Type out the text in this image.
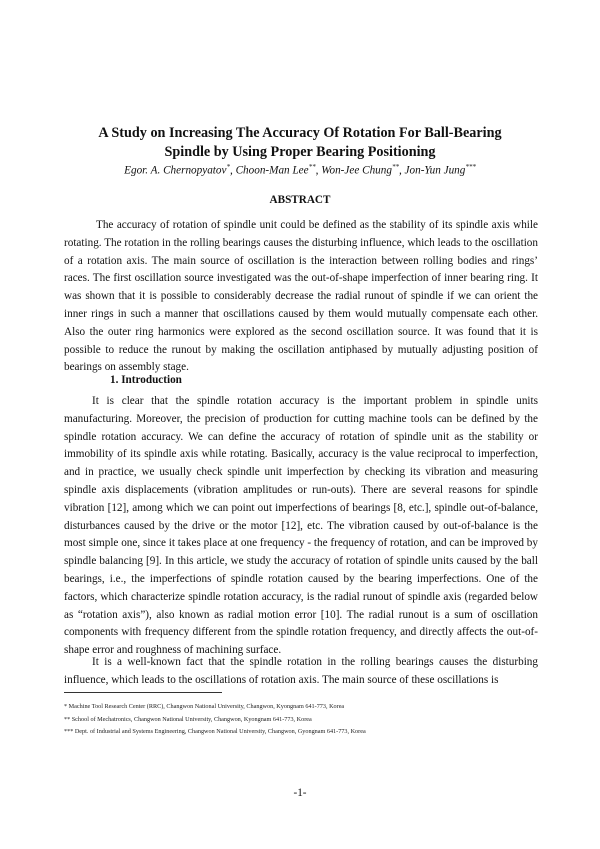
A Study on Increasing The Accuracy Of Rotation For Ball-Bearing
Spindle by Using Proper Bearing Positioning
Egor. A. Chernopyatov*, Choon-Man Lee**, Won-Jee Chung**, Jon-Yun Jung***
ABSTRACT

The accuracy of rotation of spindle unit could be defined as the stability of its spindle axis while rotating. The rotation in the rolling bearings causes the disturbing influence, which leads to the oscillation of a rotation axis. The main source of oscillation is the interaction between rolling bodies and rings’ races. The first oscillation source investigated was the out-of-shape imperfection of inner bearing ring. It was shown that it is possible to considerably decrease the radial runout of spindle if we can orient the inner rings in such a manner that oscillations caused by them would mutually compensate each other. Also the outer ring harmonics were explored as the second oscillation source. It was found that it is possible to reduce the runout by making the oscillation antiphased by mutually adjusting position of bearings on assembly stage.

1. Introduction

It is clear that the spindle rotation accuracy is the important problem in spindle units manufacturing. Moreover, the precision of production for cutting machine tools can be defined by the spindle rotation accuracy. We can define the accuracy of rotation of spindle unit as the stability or immobility of its spindle axis while rotating. Basically, accuracy is the value reciprocal to imperfection, and in practice, we usually check spindle unit imperfection by checking its vibration and measuring spindle axis displacements (vibration amplitudes or run-outs). There are several reasons for spindle vibration [12], among which we can point out imperfections of bearings [8, etc.], spindle out-of-balance, disturbances caused by the drive or the motor [12], etc. The vibration caused by out-of-balance is the most simple one, since it takes place at one frequency - the frequency of rotation, and can be improved by spindle balancing [9]. In this article, we study the accuracy of rotation of spindle units caused by the ball bearings, i.e., the imperfections of spindle rotation caused by the bearing imperfections. One of the factors, which characterize spindle rotation accuracy, is the radial runout of spindle axis (regarded below as “rotation axis”), also known as radial motion error [10]. The radial runout is a sum of oscillation components with frequency different from the spindle rotation frequency, and directly affects the out-of-shape error and roughness of machining surface.

It is a well-known fact that the spindle rotation in the rolling bearings causes the disturbing influence, which leads to the oscillations of rotation axis. The main source of these oscillations is

* Machine Tool Research Center (RRC), Changwon National University, Changwon, Kyongnam 641-773, Korea
** School of Mechatronics, Changwon National University, Changwon, Kyongnam 641-773, Korea
*** Dept. of Industrial and Systems Engineering, Changwon National University, Changwon, Gyongnam 641-773, Korea
-1-
